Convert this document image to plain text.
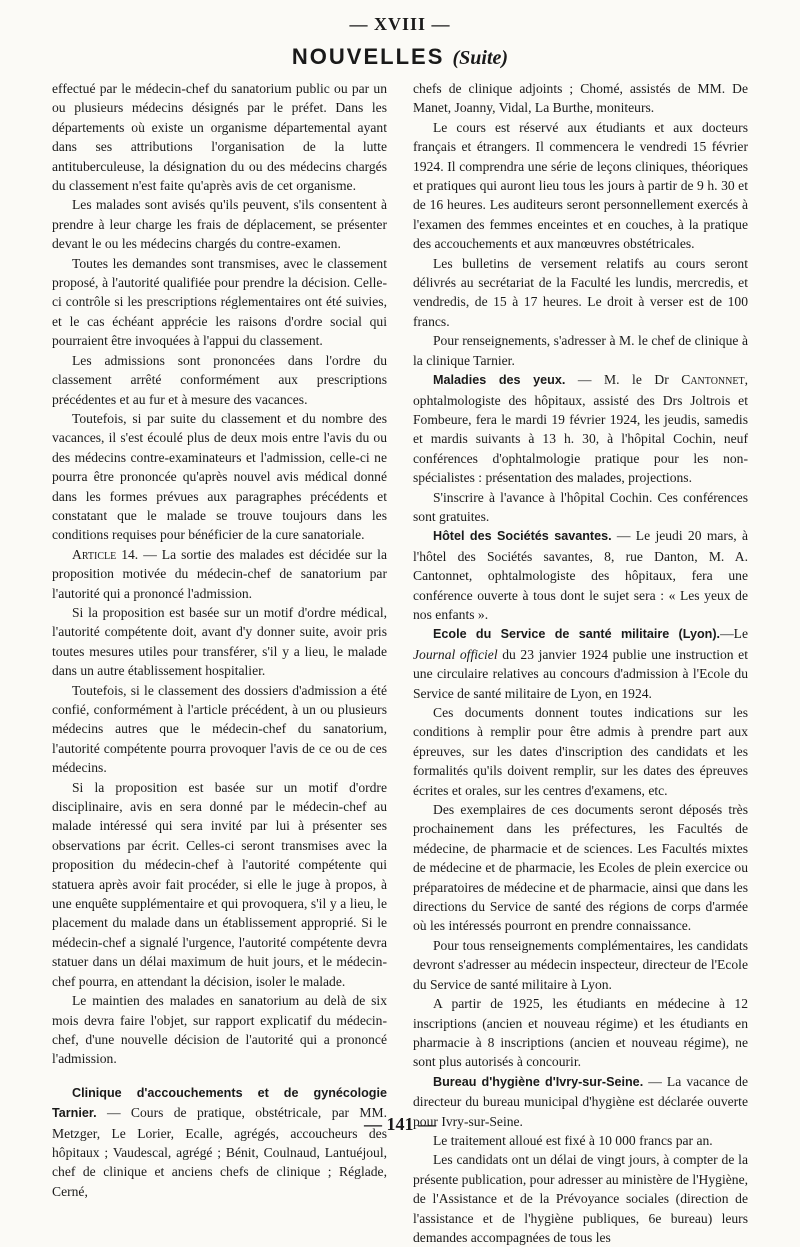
— XVIII —
NOUVELLES (Suite)

effectué par le médecin-chef du sanatorium public ou par un ou plusieurs médecins désignés par le préfet. Dans les départements où existe un organisme départemental ayant dans ses attributions l'organisation de la lutte antituberculeuse, la désignation du ou des médecins chargés du classement n'est faite qu'après avis de cet organisme.

Les malades sont avisés qu'ils peuvent, s'ils consentent à prendre à leur charge les frais de déplacement, se présenter devant le ou les médecins chargés du contre-examen.

Toutes les demandes sont transmises, avec le classement proposé, à l'autorité qualifiée pour prendre la décision. Celle-ci contrôle si les prescriptions réglementaires ont été suivies, et le cas échéant apprécie les raisons d'ordre social qui pourraient être invoquées à l'appui du classement.

Les admissions sont prononcées dans l'ordre du classement arrêté conformément aux prescriptions précédentes et au fur et à mesure des vacances.

Toutefois, si par suite du classement et du nombre des vacances, il s'est écoulé plus de deux mois entre l'avis du ou des médecins contre-examinateurs et l'admission, celle-ci ne pourra être prononcée qu'après nouvel avis médical donné dans les formes prévues aux paragraphes précédents et constatant que le malade se trouve toujours dans les conditions requises pour bénéficier de la cure sanatoriale.

Article 14. — La sortie des malades est décidée sur la proposition motivée du médecin-chef de sanatorium par l'autorité qui a prononcé l'admission.

Si la proposition est basée sur un motif d'ordre médical, l'autorité compétente doit, avant d'y donner suite, avoir pris toutes mesures utiles pour transférer, s'il y a lieu, le malade dans un autre établissement hospitalier.

Toutefois, si le classement des dossiers d'admission a été confié, conformément à l'article précédent, à un ou plusieurs médecins autres que le médecin-chef du sanatorium, l'autorité compétente pourra provoquer l'avis de ce ou de ces médecins.

Si la proposition est basée sur un motif d'ordre disciplinaire, avis en sera donné par le médecin-chef au malade intéressé qui sera invité par lui à présenter ses observations par écrit. Celles-ci seront transmises avec la proposition du médecin-chef à l'autorité compétente qui statuera après avoir fait procéder, si elle le juge à propos, à une enquête supplémentaire et qui provoquera, s'il y a lieu, le placement du malade dans un établissement approprié. Si le médecin-chef a signalé l'urgence, l'autorité compétente devra statuer dans un délai maximum de huit jours, et le médecin-chef pourra, en attendant la décision, isoler le malade.

Le maintien des malades en sanatorium au delà de six mois devra faire l'objet, sur rapport explicatif du médecin-chef, d'une nouvelle décision de l'autorité qui a prononcé l'admission.

Clinique d'accouchements et de gynécologie Tarnier. — Cours de pratique, obstétricale, par MM. Metzger, Le Lorier, Ecalle, agrégés, accoucheurs des hôpitaux ; Vaudescal, agrégé ; Bénit, Coulnaud, Lantuéjoul, chef de clinique et anciens chefs de clinique ; Réglade, Cerné,

chefs de clinique adjoints ; Chomé, assistés de MM. De Manet, Joanny, Vidal, La Burthe, moniteurs.

Le cours est réservé aux étudiants et aux docteurs français et étrangers. Il commencera le vendredi 15 février 1924. Il comprendra une série de leçons cliniques, théoriques et pratiques qui auront lieu tous les jours à partir de 9 h. 30 et de 16 heures. Les auditeurs seront personnellement exercés à l'examen des femmes enceintes et en couches, à la pratique des accouchements et aux manœuvres obstétricales.

Les bulletins de versement relatifs au cours seront délivrés au secrétariat de la Faculté les lundis, mercredis, et vendredis, de 15 à 17 heures. Le droit à verser est de 100 francs.

Pour renseignements, s'adresser à M. le chef de clinique à la clinique Tarnier.

Maladies des yeux. — M. le Dr Cantonnet, ophtalmologiste des hôpitaux, assisté des Drs Joltrois et Fombeure, fera le mardi 19 février 1924, les jeudis, samedis et mardis suivants à 13 h. 30, à l'hôpital Cochin, neuf conférences d'ophtalmologie pratique pour les non-spécialistes : présentation des malades, projections.

S'inscrire à l'avance à l'hôpital Cochin. Ces conférences sont gratuites.

Hôtel des Sociétés savantes. — Le jeudi 20 mars, à l'hôtel des Sociétés savantes, 8, rue Danton, M. A. Cantonnet, ophtalmologiste des hôpitaux, fera une conférence ouverte à tous dont le sujet sera : « Les yeux de nos enfants ».

Ecole du Service de santé militaire (Lyon).—Le Journal officiel du 23 janvier 1924 publie une instruction et une circulaire relatives au concours d'admission à l'Ecole du Service de santé militaire de Lyon, en 1924.

Ces documents donnent toutes indications sur les conditions à remplir pour être admis à prendre part aux épreuves, sur les dates d'inscription des candidats et les formalités qu'ils doivent remplir, sur les dates des épreuves écrites et orales, sur les centres d'examens, etc.

Des exemplaires de ces documents seront déposés très prochainement dans les préfectures, les Facultés de médecine, de pharmacie et de sciences. Les Facultés mixtes de médecine et de pharmacie, les Ecoles de plein exercice ou préparatoires de médecine et de pharmacie, ainsi que dans les directions du Service de santé des régions de corps d'armée où les intéressés pourront en prendre connaissance.

Pour tous renseignements complémentaires, les candidats devront s'adresser au médecin inspecteur, directeur de l'Ecole du Service de santé militaire à Lyon.

A partir de 1925, les étudiants en médecine à 12 inscriptions (ancien et nouveau régime) et les étudiants en pharmacie à 8 inscriptions (ancien et nouveau régime), ne sont plus autorisés à concourir.

Bureau d'hygiène d'Ivry-sur-Seine. — La vacance de directeur du bureau municipal d'hygiène est déclarée ouverte pour Ivry-sur-Seine.

Le traitement alloué est fixé à 10 000 francs par an.

Les candidats ont un délai de vingt jours, à compter de la présente publication, pour adresser au ministère de l'Hygiène, de l'Assistance et de la Prévoyance sociales (direction de l'assistance et de l'hygiène publiques, 6e bureau) leurs demandes accompagnées de tous les

— 141 —
